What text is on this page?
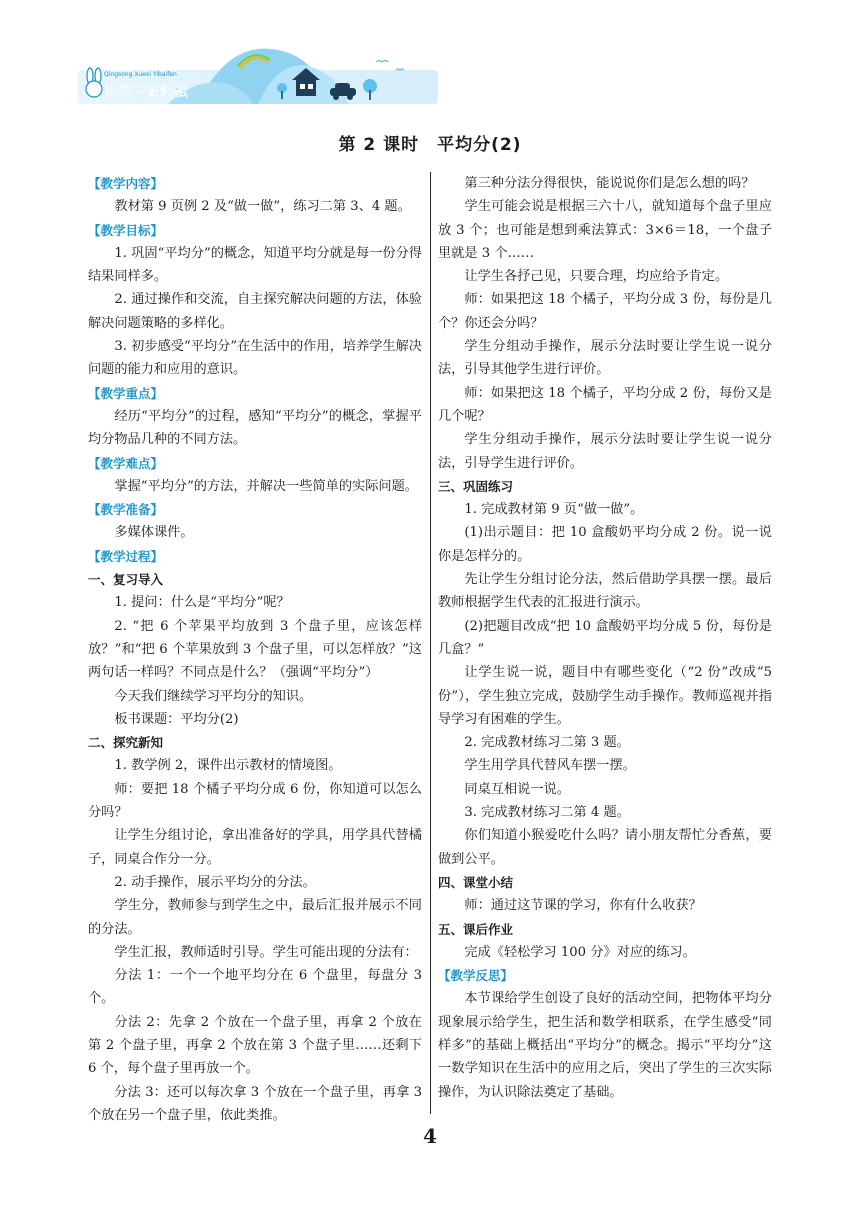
Qingsong Xuexi Yibaifen
让学习更轻松
第 2 课时　平均分(2)
【教学内容】

教材第 9 页例 2 及“做一做”，练习二第 3、4 题。

【教学目标】

1. 巩固“平均分”的概念，知道平均分就是每一份分得结果同样多。

2. 通过操作和交流，自主探究解决问题的方法，体验解决问题策略的多样化。

3. 初步感受“平均分”在生活中的作用，培养学生解决问题的能力和应用的意识。

【教学重点】

经历“平均分”的过程，感知“平均分”的概念，掌握平均分物品几种的不同方法。

【教学难点】

掌握“平均分”的方法，并解决一些简单的实际问题。

【教学准备】

多媒体课件。

【教学过程】
一、复习导入

1. 提问：什么是“平均分”呢？

2. “把 6 个苹果平均放到 3 个盘子里，应该怎样放？”和“把 6 个苹果放到 3 个盘子里，可以怎样放？”这两句话一样吗？不同点是什么？（强调“平均分”）

今天我们继续学习平均分的知识。

板书课题：平均分(2)

二、探究新知

1. 教学例 2，课件出示教材的情境图。

师：要把 18 个橘子平均分成 6 份，你知道可以怎么分吗？

让学生分组讨论，拿出准备好的学具，用学具代替橘子，同桌合作分一分。

2. 动手操作，展示平均分的分法。

学生分，教师参与到学生之中，最后汇报并展示不同的分法。

学生汇报，教师适时引导。学生可能出现的分法有：

分法 1：一个一个地平均分在 6 个盘里，每盘分 3 个。

分法 2：先拿 2 个放在一个盘子里，再拿 2 个放在第 2 个盘子里，再拿 2 个放在第 3 个盘子里……还剩下 6 个，每个盘子里再放一个。

分法 3：还可以每次拿 3 个放在一个盘子里，再拿 3 个放在另一个盘子里，依此类推。

第三种分法分得很快，能说说你们是怎么想的吗？

学生可能会说是根据三六十八，就知道每个盘子里应放 3 个；也可能是想到乘法算式：3×6＝18，一个盘子里就是 3 个……

让学生各抒己见，只要合理，均应给予肯定。

师：如果把这 18 个橘子，平均分成 3 份，每份是几个？你还会分吗？

学生分组动手操作，展示分法时要让学生说一说分法，引导其他学生进行评价。

师：如果把这 18 个橘子，平均分成 2 份，每份又是几个呢？

学生分组动手操作，展示分法时要让学生说一说分法，引导学生进行评价。

三、巩固练习

1. 完成教材第 9 页“做一做”。

(1)出示题目：把 10 盒酸奶平均分成 2 份。说一说你是怎样分的。

先让学生分组讨论分法，然后借助学具摆一摆。最后教师根据学生代表的汇报进行演示。

(2)把题目改成“把 10 盒酸奶平均分成 5 份，每份是几盒？”

让学生说一说，题目中有哪些变化（“2 份”改成“5 份”），学生独立完成，鼓励学生动手操作。教师巡视并指导学习有困难的学生。

2. 完成教材练习二第 3 题。

学生用学具代替风车摆一摆。

同桌互相说一说。

3. 完成教材练习二第 4 题。

你们知道小猴爱吃什么吗？请小朋友帮忙分香蕉，要做到公平。

四、课堂小结

师：通过这节课的学习，你有什么收获？

五、课后作业

完成《轻松学习 100 分》对应的练习。

【教学反思】

本节课给学生创设了良好的活动空间，把物体平均分现象展示给学生，把生活和数学相联系，在学生感受“同样多”的基础上概括出“平均分”的概念。揭示“平均分”这一数学知识在生活中的应用之后，突出了学生的三次实际操作，为认识除法奠定了基础。

4
